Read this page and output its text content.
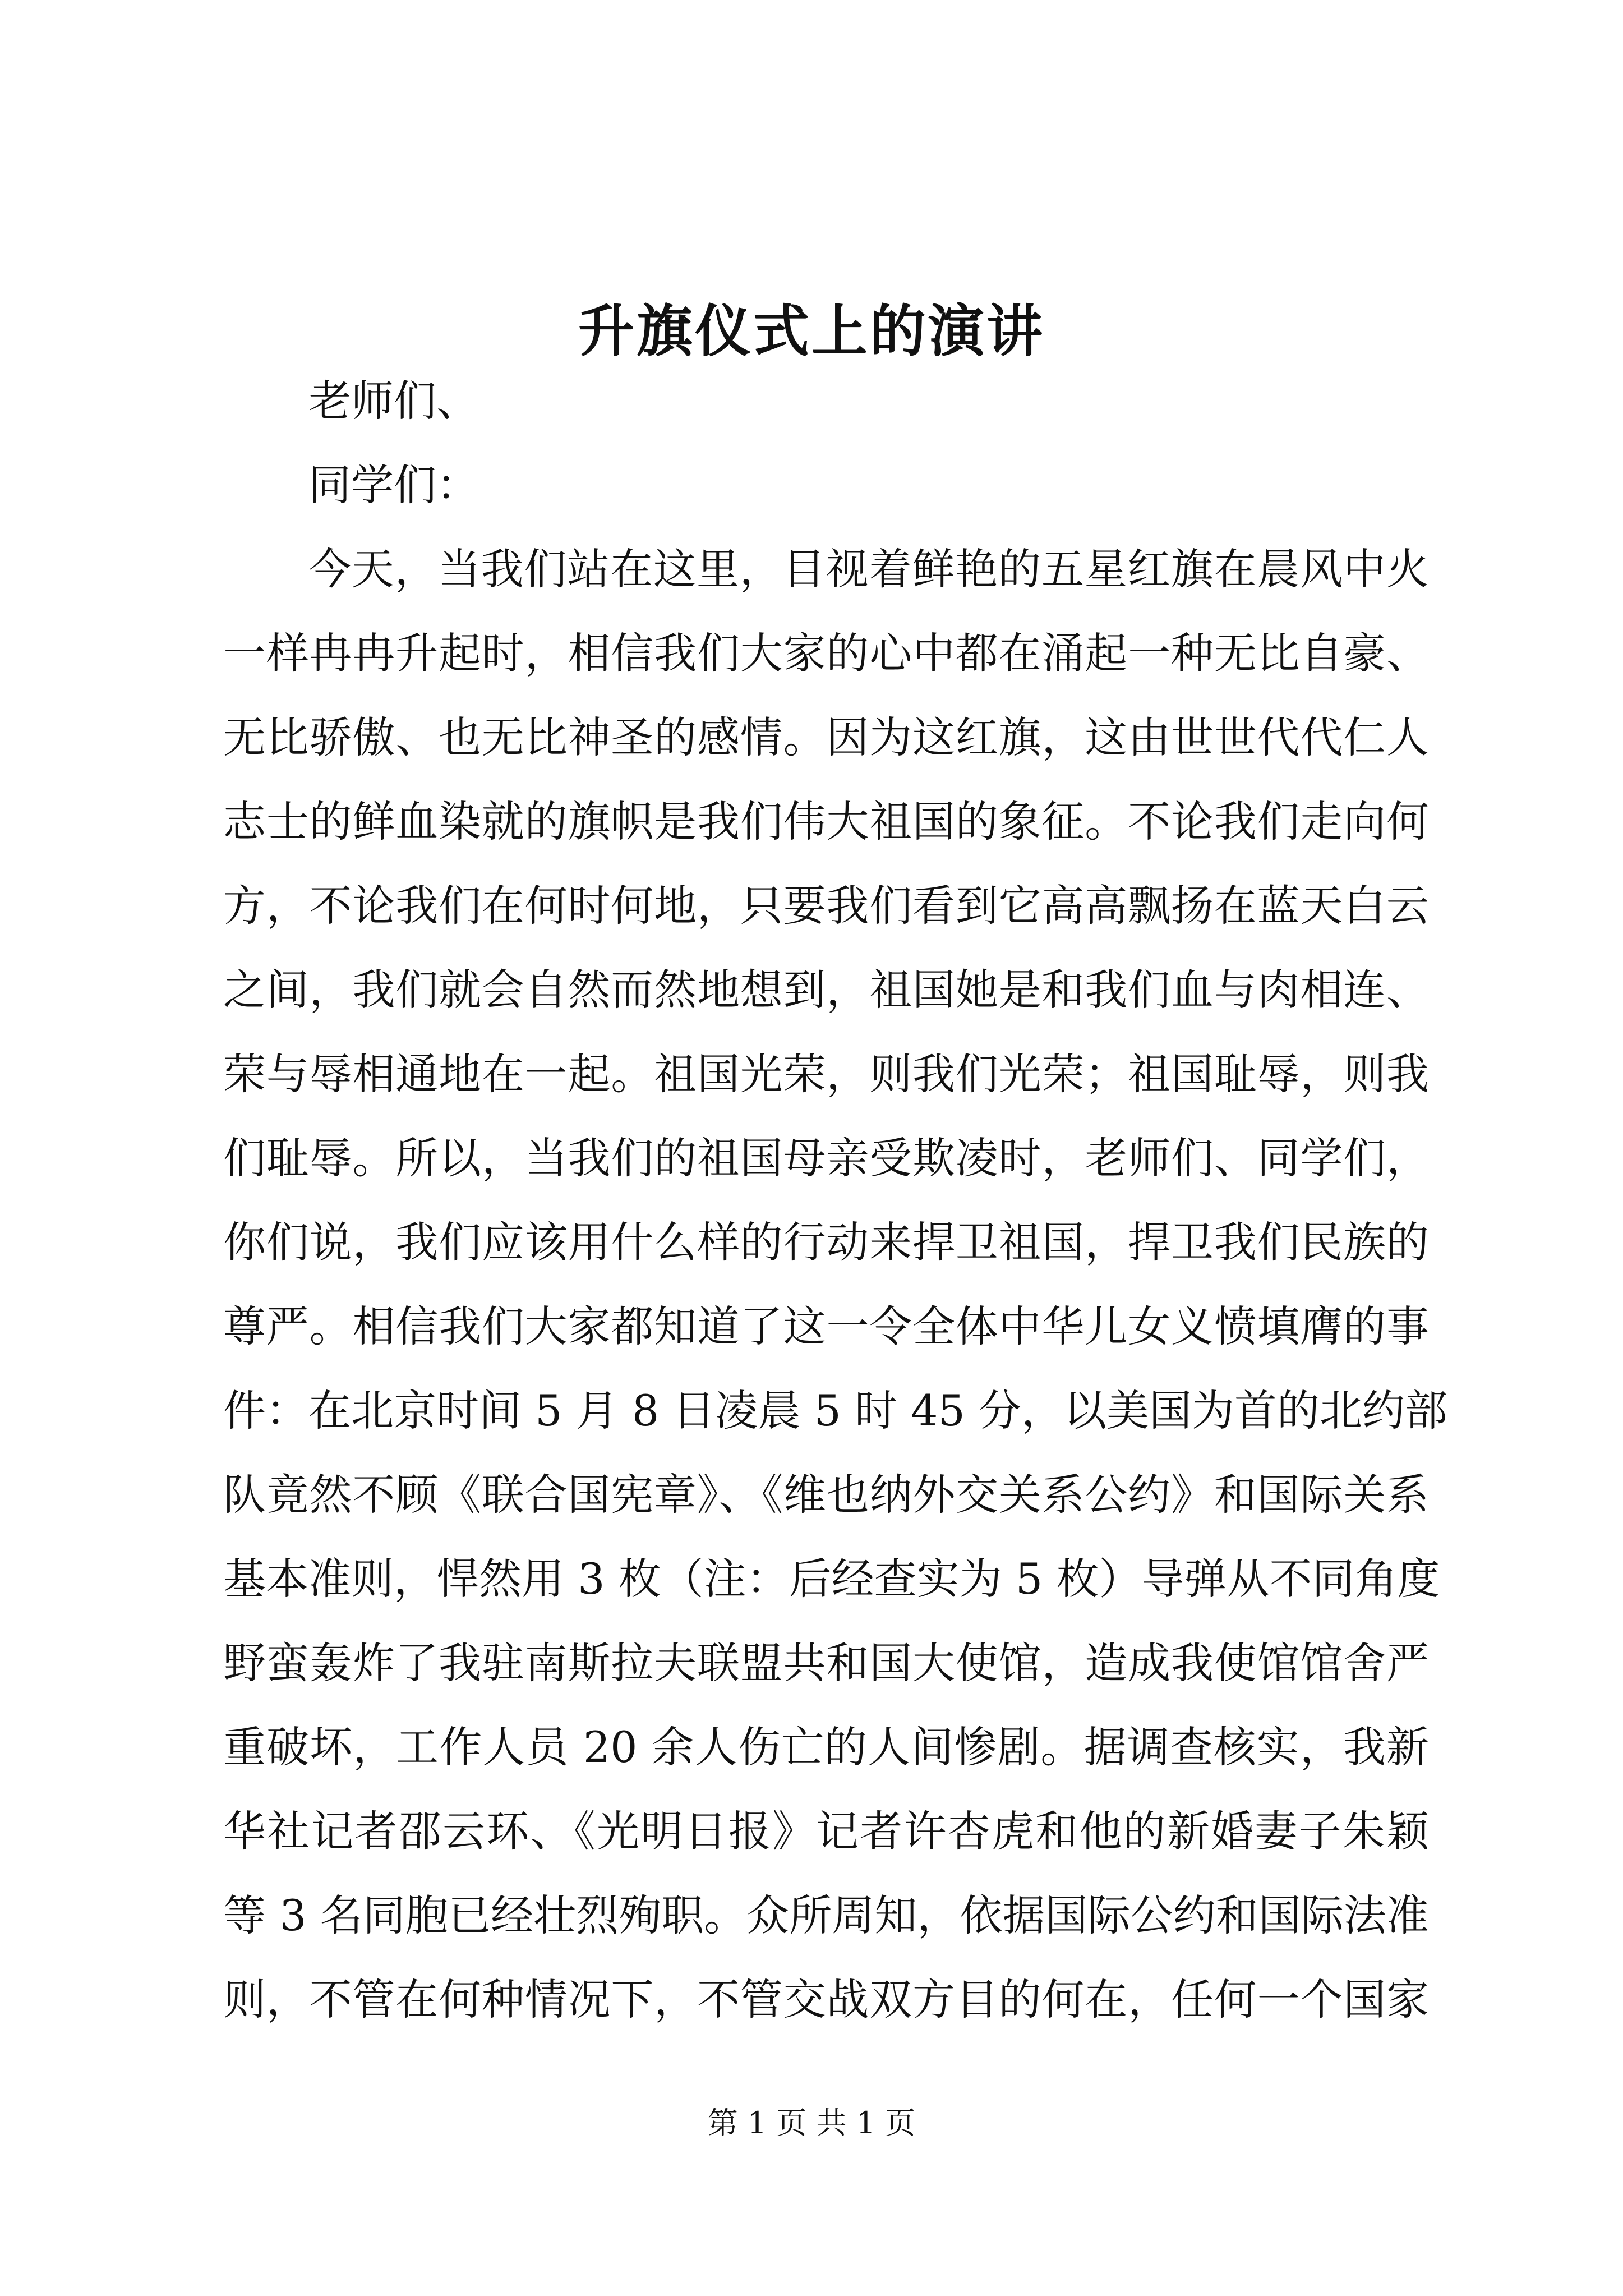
升旗仪式上的演讲

老师们、

同学们：

今天，当我们站在这里，目视着鲜艳的五星红旗在晨风中火

一样冉冉升起时，相信我们大家的心中都在涌起一种无比自豪、

无比骄傲、也无比神圣的感情。因为这红旗，这由世世代代仁人

志士的鲜血染就的旗帜是我们伟大祖国的象征。不论我们走向何

方，不论我们在何时何地，只要我们看到它高高飘扬在蓝天白云

之间，我们就会自然而然地想到，祖国她是和我们血与肉相连、

荣与辱相通地在一起。祖国光荣，则我们光荣；祖国耻辱，则我

们耻辱。所以，当我们的祖国母亲受欺凌时，老师们、同学们，

你们说，我们应该用什么样的行动来捍卫祖国，捍卫我们民族的

尊严。相信我们大家都知道了这一令全体中华儿女义愤填膺的事

件：在北京时间 5 月 8 日凌晨 5 时 45 分，以美国为首的北约部

队竟然不顾《联合国宪章》、《维也纳外交关系公约》和国际关系

基本准则，悍然用 3 枚（注：后经查实为 5 枚）导弹从不同角度

野蛮轰炸了我驻南斯拉夫联盟共和国大使馆，造成我使馆馆舍严

重破坏，工作人员 20 余人伤亡的人间惨剧。据调查核实，我新

华社记者邵云环、《光明日报》记者许杏虎和他的新婚妻子朱颖

等 3 名同胞已经壮烈殉职。众所周知，依据国际公约和国际法准

则，不管在何种情况下，不管交战双方目的何在，任何一个国家

第 1 页 共 1 页
